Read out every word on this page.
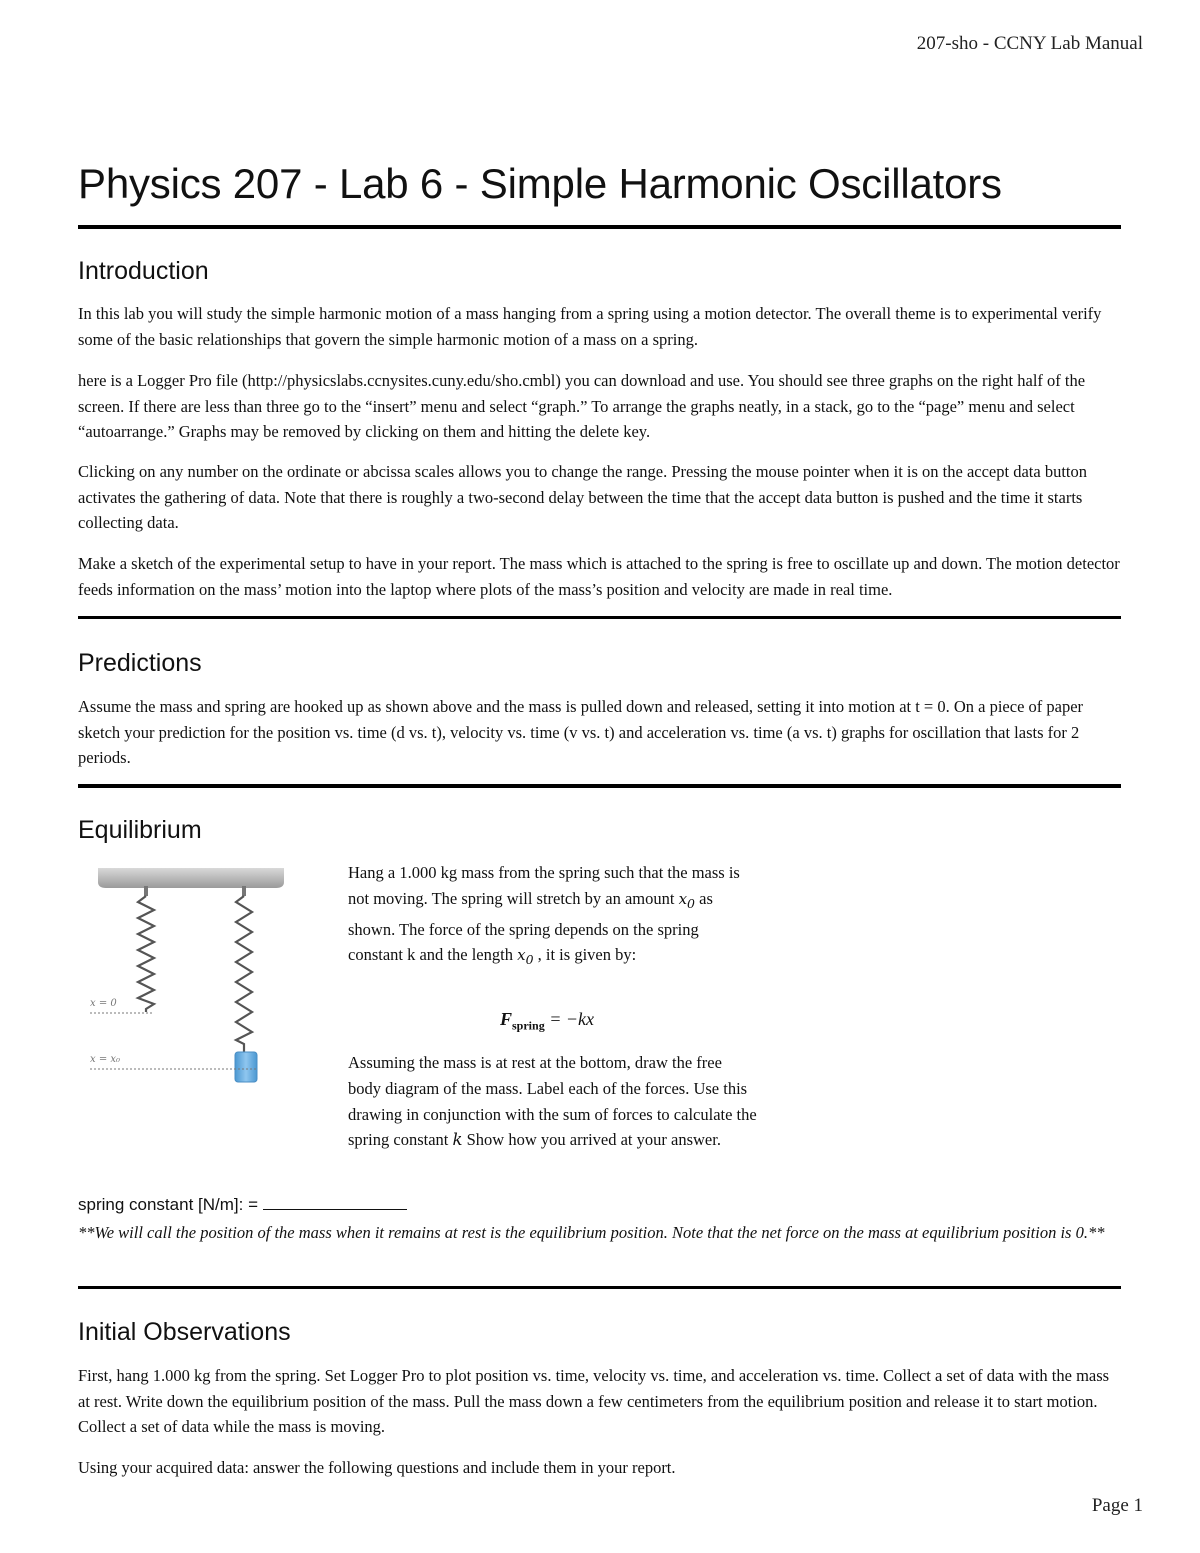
207-sho - CCNY Lab Manual
Physics 207 - Lab 6 - Simple Harmonic Oscillators
Introduction

In this lab you will study the simple harmonic motion of a mass hanging from a spring using a motion detector. The overall theme is to experimental verify some of the basic relationships that govern the simple harmonic motion of a mass on a spring.

here is a Logger Pro file (http://physicslabs.ccnysites.cuny.edu/sho.cmbl) you can download and use. You should see three graphs on the right half of the screen. If there are less than three go to the “insert” menu and select “graph.” To arrange the graphs neatly, in a stack, go to the “page” menu and select “autoarrange.” Graphs may be removed by clicking on them and hitting the delete key.

Clicking on any number on the ordinate or abcissa scales allows you to change the range. Pressing the mouse pointer when it is on the accept data button activates the gathering of data. Note that there is roughly a two-second delay between the time that the accept data button is pushed and the time it starts collecting data.

Make a sketch of the experimental setup to have in your report. The mass which is attached to the spring is free to oscillate up and down. The motion detector feeds information on the mass’ motion into the laptop where plots of the mass’s position and velocity are made in real time.

Predictions

Assume the mass and spring are hooked up as shown above and the mass is pulled down and released, setting it into motion at t = 0. On a piece of paper sketch your prediction for the position vs. time (d vs. t), velocity vs. time (v vs. t) and acceleration vs. time (a vs. t) graphs for oscillation that lasts for 2 periods.

Equilibrium
x = 0
x = x₀

Hang a 1.000 kg mass from the spring such that the mass is not moving. The spring will stretch by an amount $x_0$ as shown. The force of the spring depends on the spring constant k and the length $x_0$ , it is given by:

$F_{spring} = -kx$

Assuming the mass is at rest at the bottom, draw the free body diagram of the mass. Label each of the forces. Use this drawing in conjunction with the sum of forces to calculate the spring constant k Show how you arrived at your answer.

spring constant [N/m]: =

**We will call the position of the mass when it remains at rest is the equilibrium position. Note that the net force on the mass at equilibrium position is 0.**

Initial Observations

First, hang 1.000 kg from the spring. Set Logger Pro to plot position vs. time, velocity vs. time, and acceleration vs. time. Collect a set of data with the mass at rest. Write down the equilibrium position of the mass. Pull the mass down a few centimeters from the equilibrium position and release it to start motion. Collect a set of data while the mass is moving.

Using your acquired data: answer the following questions and include them in your report.

Page 1
